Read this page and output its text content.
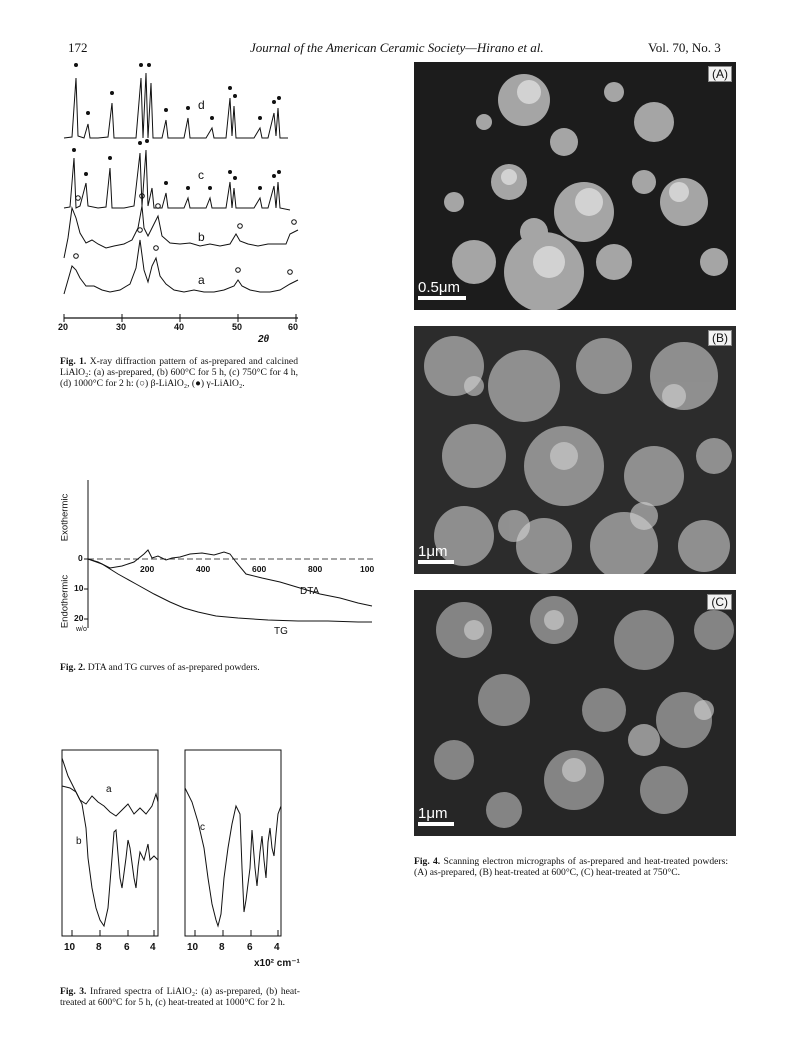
172	Journal of the American Ceramic Society—Hirano et al.	Vol. 70, No. 3
d
c
b
a
20	30	40	50	60
2θ
Fig. 1. X-ray diffraction pattern of as-prepared and calcined LiAlO₂: (a) as-prepared, (b) 600°C for 5 h, (c) 750°C for 4 h, (d) 1000°C for 2 h: (○) β-LiAlO₂, (●) γ-LiAlO₂.
Exothermic
Endothermic
0
10
20
w/o
200	400	600	800	100
DTA
TG
Fig. 2. DTA and TG curves of as-prepared powders.
a
b
c
10 8 6 4	10 8 6 4
x10² cm⁻¹
Fig. 3. Infrared spectra of LiAlO₂: (a) as-prepared, (b) heat-treated at 600°C for 5 h, (c) heat-treated at 1000°C for 2 h.
(A)
0.5μm
(B)
1μm
(C)
1μm
Fig. 4. Scanning electron micrographs of as-prepared and heat-treated powders: (A) as-prepared, (B) heat-treated at 600°C, (C) heat-treated at 750°C.
